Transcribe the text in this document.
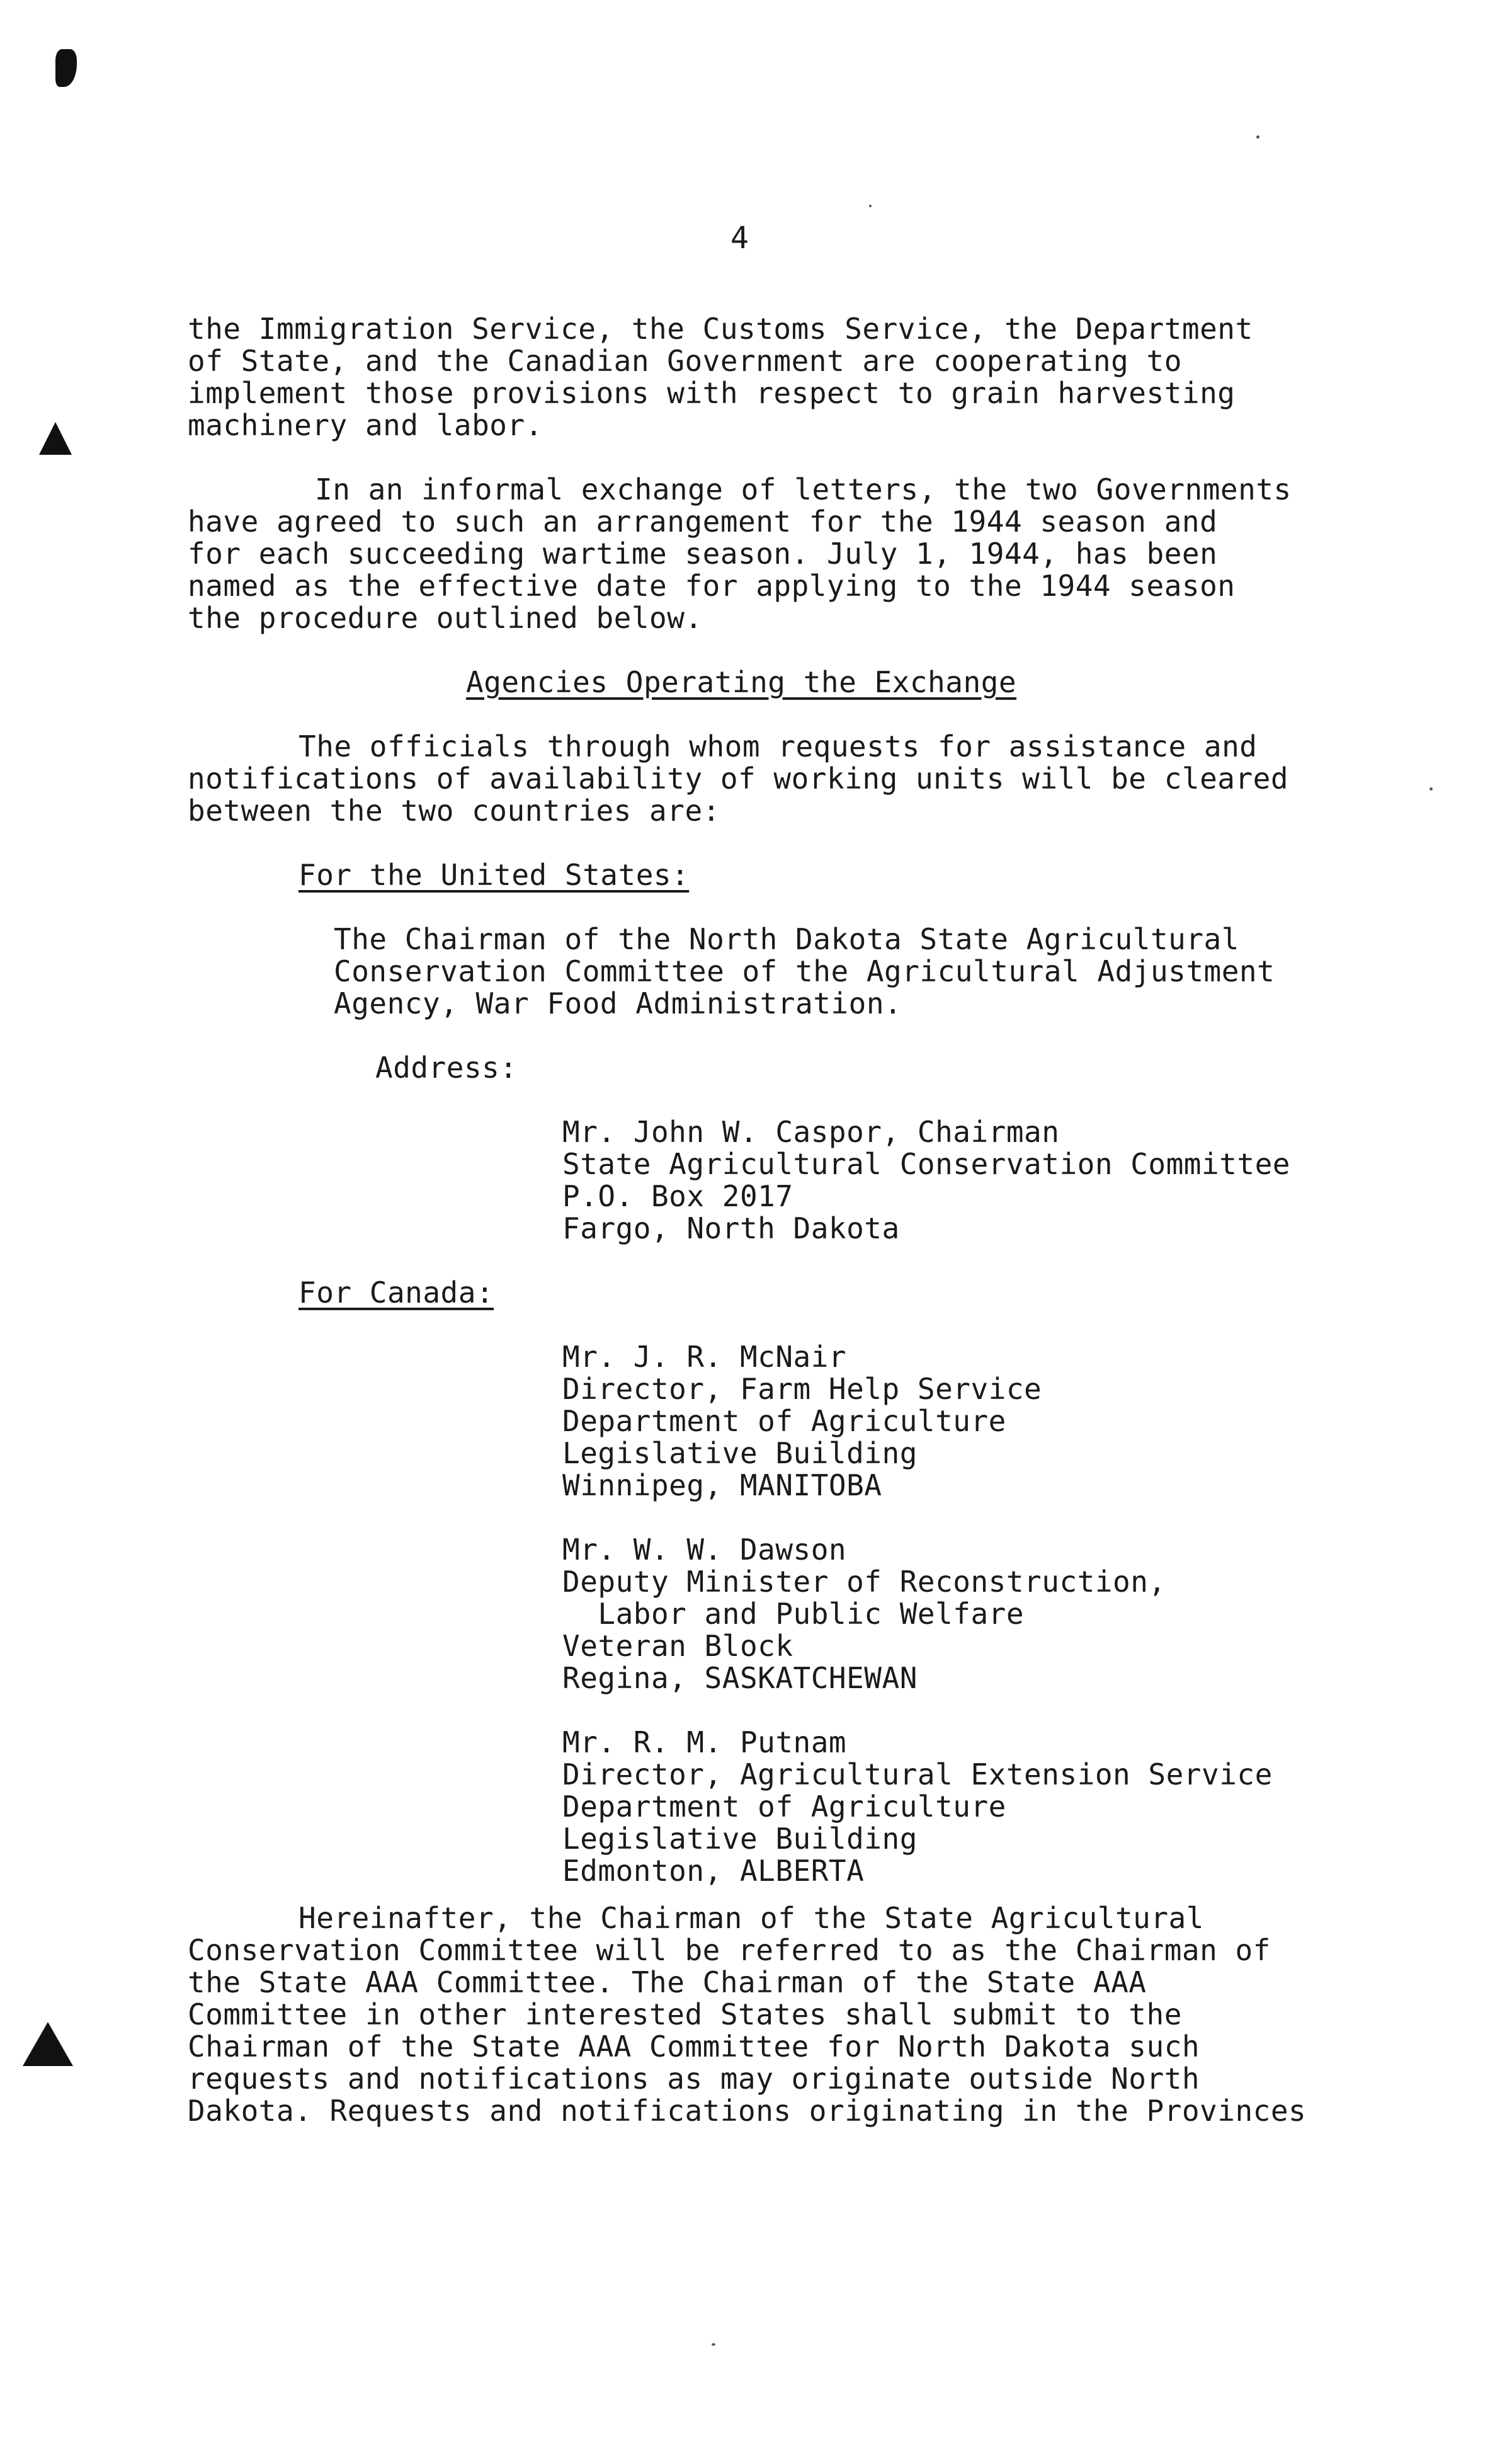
4
the Immigration Service, the Customs Service, the Department
of State, and the Canadian Government are cooperating to
implement those provisions with respect to grain harvesting
machinery and labor.
In an informal exchange of letters, the two Governments
have agreed to such an arrangement for the 1944 season and
for each succeeding wartime season. July 1, 1944, has been
named as the effective date for applying to the 1944 season
the procedure outlined below.
Agencies Operating the Exchange
The officials through whom requests for assistance and
notifications of availability of working units will be cleared
between the two countries are:
For the United States:
The Chairman of the North Dakota State Agricultural
Conservation Committee of the Agricultural Adjustment
Agency, War Food Administration.
Address:
Mr. John W. Caspor, Chairman
State Agricultural Conservation Committee
P.O. Box 2017
Fargo, North Dakota
For Canada:
Mr. J. R. McNair
Director, Farm Help Service
Department of Agriculture
Legislative Building
Winnipeg, MANITOBA
Mr. W. W. Dawson
Deputy Minister of Reconstruction,
Labor and Public Welfare
Veteran Block
Regina, SASKATCHEWAN
Mr. R. M. Putnam
Director, Agricultural Extension Service
Department of Agriculture
Legislative Building
Edmonton, ALBERTA
Hereinafter, the Chairman of the State Agricultural
Conservation Committee will be referred to as the Chairman of
the State AAA Committee. The Chairman of the State AAA
Committee in other interested States shall submit to the
Chairman of the State AAA Committee for North Dakota such
requests and notifications as may originate outside North
Dakota. Requests and notifications originating in the Provinces
